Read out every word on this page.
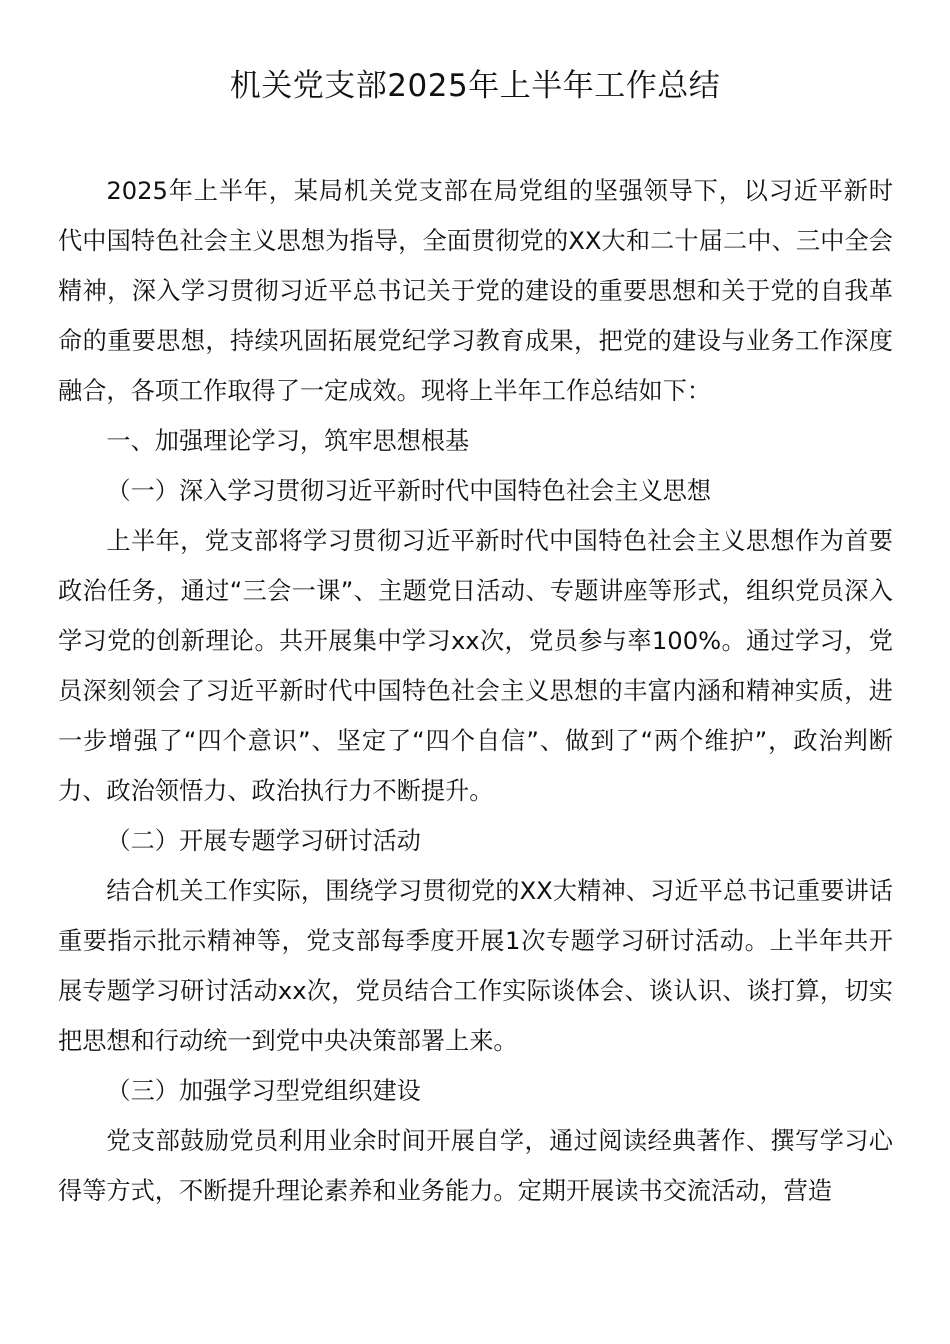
机关党支部2025年上半年工作总结

2025年上半年，某局机关党支部在局党组的坚强领导下，以习近平新时代中国特色社会主义思想为指导，全面贯彻党的XX大和二十届二中、三中全会精神，深入学习贯彻习近平总书记关于党的建设的重要思想和关于党的自我革命的重要思想，持续巩固拓展党纪学习教育成果，把党的建设与业务工作深度融合，各项工作取得了一定成效。现将上半年工作总结如下：

一、加强理论学习，筑牢思想根基

（一）深入学习贯彻习近平新时代中国特色社会主义思想

上半年，党支部将学习贯彻习近平新时代中国特色社会主义思想作为首要政治任务，通过“三会一课”、主题党日活动、专题讲座等形式，组织党员深入学习党的创新理论。共开展集中学习xx次，党员参与率100%。通过学习，党员深刻领会了习近平新时代中国特色社会主义思想的丰富内涵和精神实质，进一步增强了“四个意识”、坚定了“四个自信”、做到了“两个维护”，政治判断力、政治领悟力、政治执行力不断提升。

（二）开展专题学习研讨活动

结合机关工作实际，围绕学习贯彻党的XX大精神、习近平总书记重要讲话重要指示批示精神等，党支部每季度开展1次专题学习研讨活动。上半年共开展专题学习研讨活动xx次，党员结合工作实际谈体会、谈认识、谈打算，切实把思想和行动统一到党中央决策部署上来。

（三）加强学习型党组织建设

党支部鼓励党员利用业余时间开展自学，通过阅读经典著作、撰写学习心得等方式，不断提升理论素养和业务能力。定期开展读书交流活动，营造
